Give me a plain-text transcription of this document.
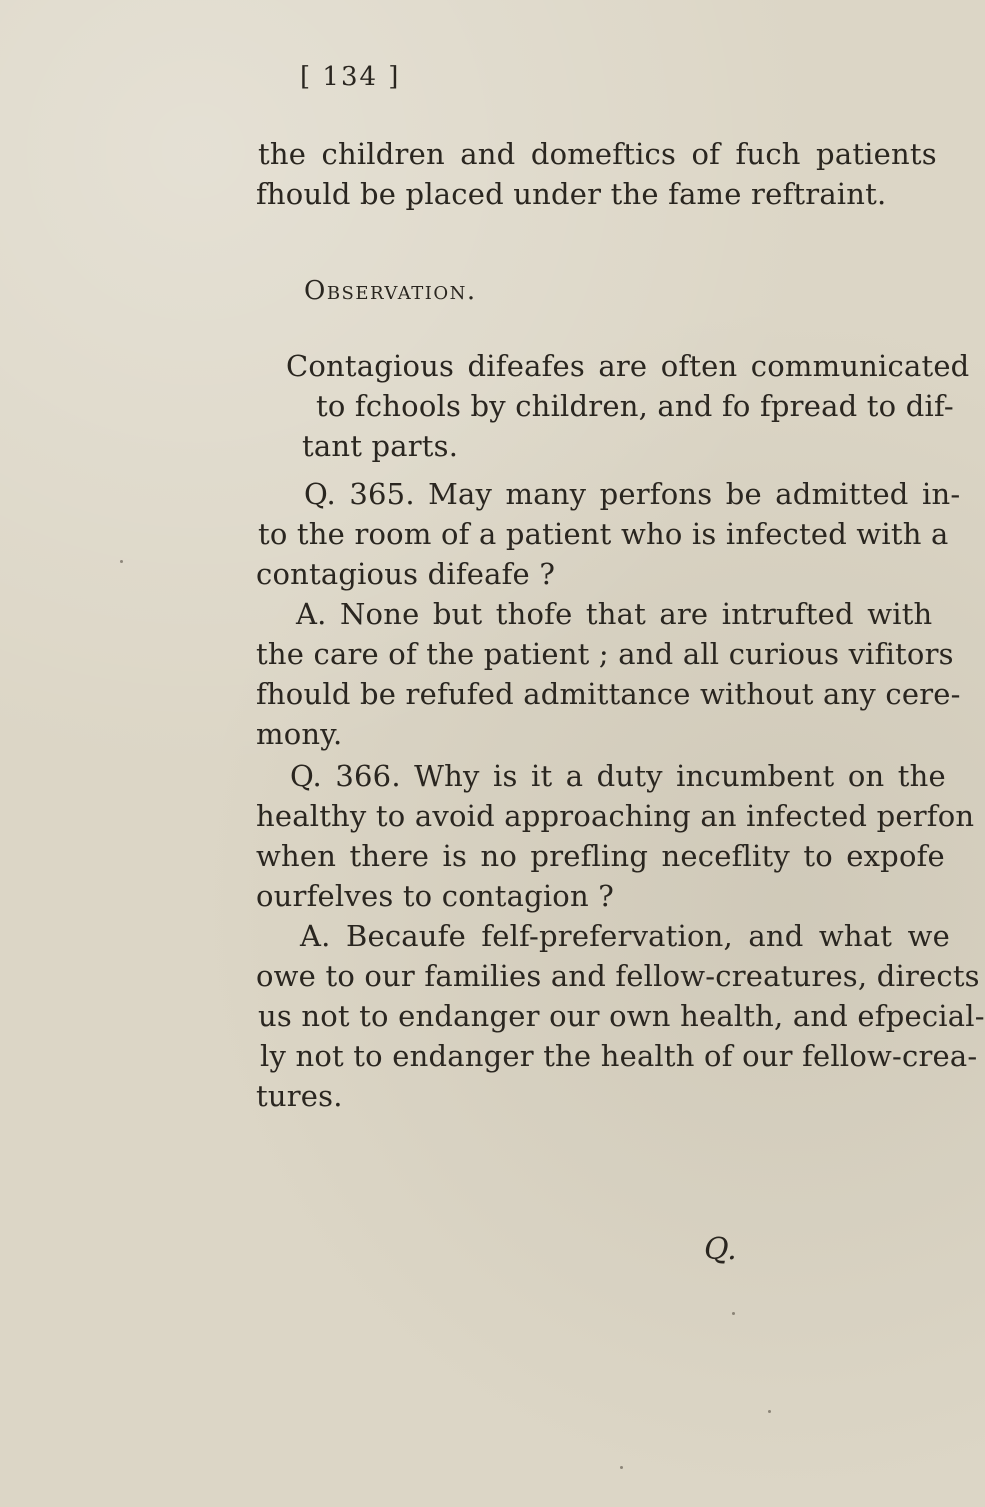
[ 134 ]
the children and domeftics of fuch patients
fhould be placed under the fame reftraint.
Observation.
Contagious difeafes are often communicated
to fchools by children, and fo fpread to dif-
tant parts.
Q. 365. May many perfons be admitted in-
to the room of a patient who is infected with a
contagious difeafe ?
A. None but thofe that are intrufted with
the care of the patient ; and all curious vifitors
fhould be refufed admittance without any cere-
mony.
Q. 366. Why is it a duty incumbent on the
healthy to avoid approaching an infected perfon
when there is no prefling neceflity to expofe
ourfelves to contagion ?
A. Becaufe felf-prefervation, and what we
owe to our families and fellow-creatures, directs
us not to endanger our own health, and efpecial-
ly not to endanger the health of our fellow-crea-
tures.
Q.
